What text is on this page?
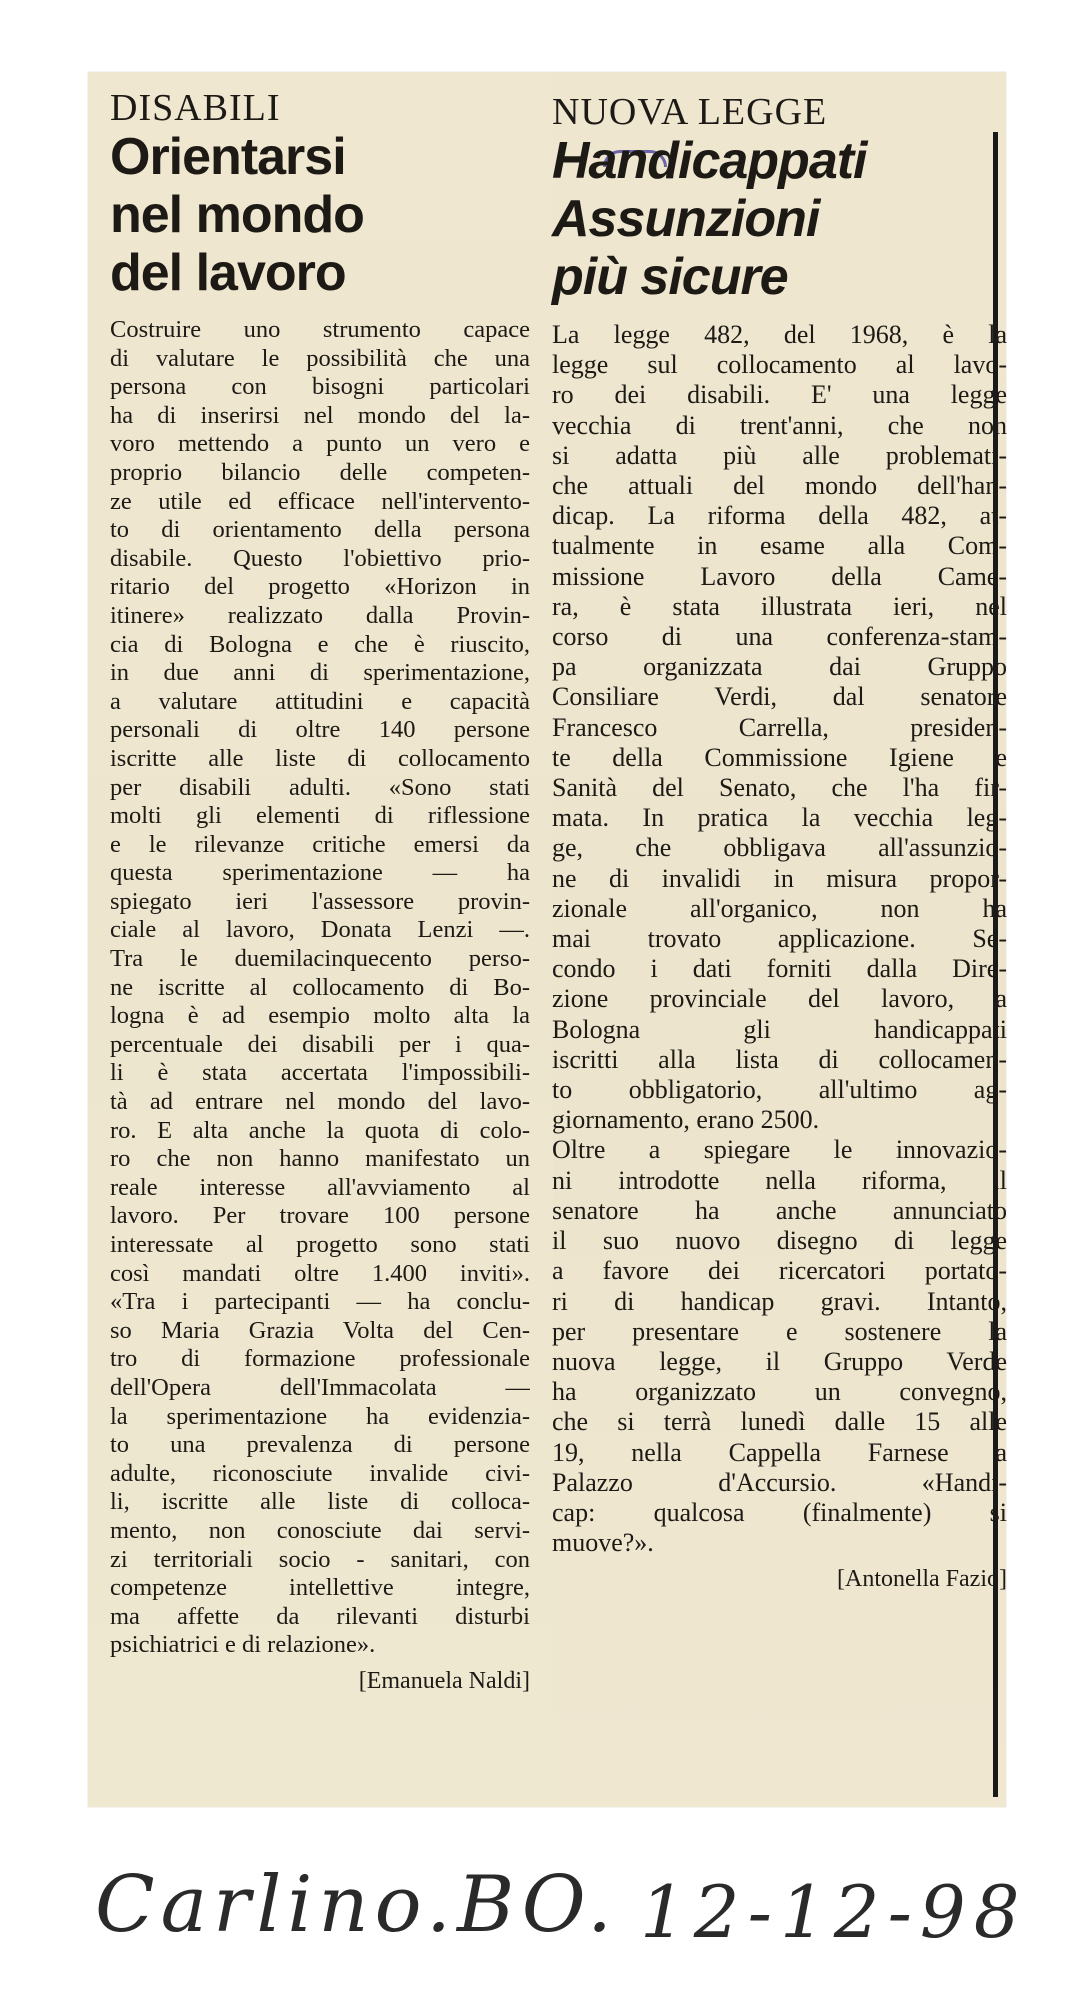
DISABILI

Orientarsi

nel mondo

del lavoro

Costruire uno strumento capace
di valutare le possibilità che una
persona con bisogni particolari
ha di inserirsi nel mondo del la-
voro mettendo a punto un vero e
proprio bilancio delle competen-
ze utile ed efficace nell'intervento-
to di orientamento della persona
disabile. Questo l'obiettivo prio-
ritario del progetto «Horizon in
itinere» realizzato dalla Provin-
cia di Bologna e che è riuscito,
in due anni di sperimentazione,
a valutare attitudini e capacità
personali di oltre 140 persone
iscritte alle liste di collocamento
per disabili adulti. «Sono stati
molti gli elementi di riflessione
e le rilevanze critiche emersi da
questa sperimentazione — ha
spiegato ieri l'assessore provin-
ciale al lavoro, Donata Lenzi —.
Tra le duemilacinquecento perso-
ne iscritte al collocamento di Bo-
logna è ad esempio molto alta la
percentuale dei disabili per i qua-
li è stata accertata l'impossibili-
tà ad entrare nel mondo del lavo-
ro. E alta anche la quota di colo-
ro che non hanno manifestato un
reale interesse all'avviamento al
lavoro. Per trovare 100 persone
interessate al progetto sono stati
così mandati oltre 1.400 inviti».
«Tra i partecipanti — ha conclu-
so Maria Grazia Volta del Cen-
tro di formazione professionale
dell'Opera dell'Immacolata —
la sperimentazione ha evidenzia-
to una prevalenza di persone
adulte, riconosciute invalide civi-
li, iscritte alle liste di colloca-
mento, non conosciute dai servi-
zi territoriali socio - sanitari, con
competenze intellettive integre,
ma affette da rilevanti disturbi
psichiatrici e di relazione».
[Emanuela Naldi]

NUOVA LEGGE

Handicappati

Assunzioni

più sicure

La legge 482, del 1968, è la
legge sul collocamento al lavo-
ro dei disabili. E' una legge
vecchia di trent'anni, che non
si adatta più alle problemati-
che attuali del mondo dell'han-
dicap. La riforma della 482, at-
tualmente in esame alla Com-
missione Lavoro della Came-
ra, è stata illustrata ieri, nel
corso di una conferenza-stam-
pa organizzata dai Gruppo
Consiliare Verdi, dal senatore
Francesco Carrella, presiden-
te della Commissione Igiene e
Sanità del Senato, che l'ha fir-
mata. In pratica la vecchia leg-
ge, che obbligava all'assunzio-
ne di invalidi in misura propor-
zionale all'organico, non ha
mai trovato applicazione. Se-
condo i dati forniti dalla Dire-
zione provinciale del lavoro, a
Bologna gli handicappati
iscritti alla lista di collocamen-
to obbligatorio, all'ultimo ag-
giornamento, erano 2500.
Oltre a spiegare le innovazio-
ni introdotte nella riforma, il
senatore ha anche annunciato
il suo nuovo disegno di legge
a favore dei ricercatori portato-
ri di handicap gravi. Intanto,
per presentare e sostenere la
nuova legge, il Gruppo Verde
ha organizzato un convegno,
che si terrà lunedì dalle 15 alle
19, nella Cappella Farnese a
Palazzo d'Accursio. «Handi-
cap: qualcosa (finalmente) si
muove?».
[Antonella Fazio]
Carlino.BO. 12-12-98
